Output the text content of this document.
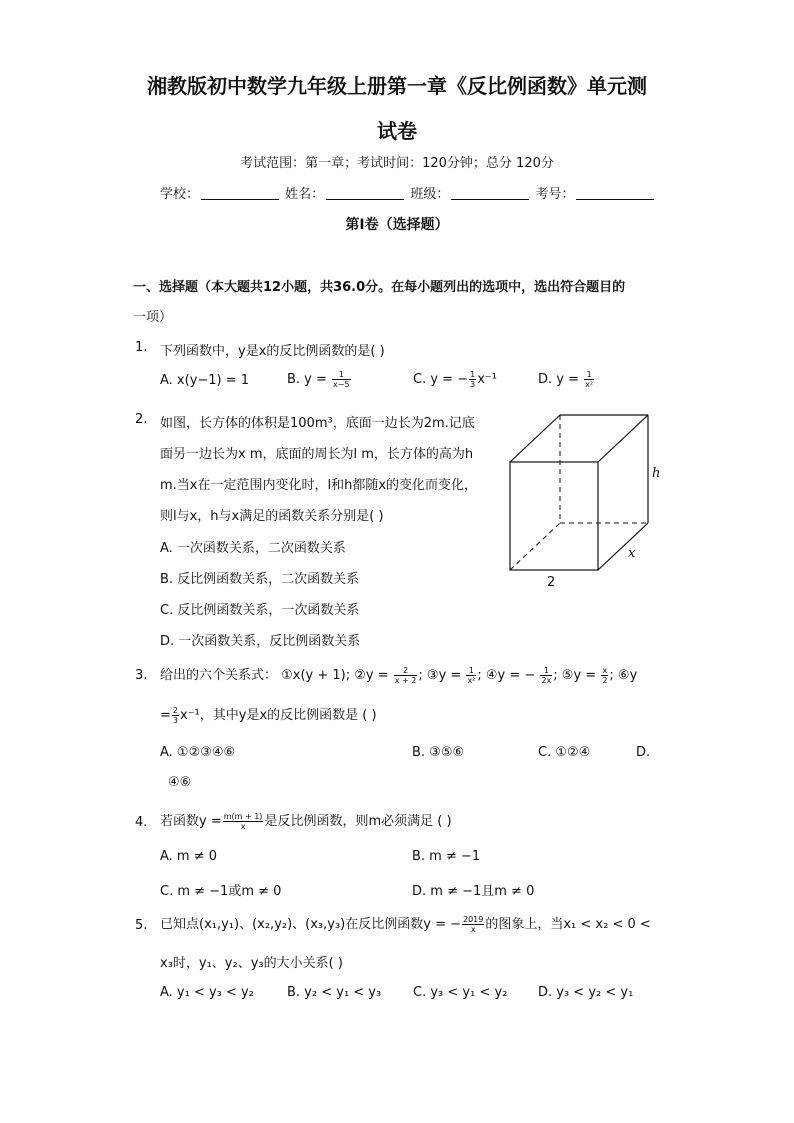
湘教版初中数学九年级上册第一章《反比例函数》单元测
试卷
考试范围：第一章；考试时间：120分钟；总分 120分
学校：	姓名：	班级：	考号：
第Ⅰ卷（选择题）
一、选择题（本大题共12小题，共36.0分。在每小题列出的选项中，选出符合题目的
一项）
1. 下列函数中，y是x的反比例函数的是( )
A. x(y−1) = 1	B. $y = \frac{1}{x-5}$	C. y = − $\frac{1}{3} x^{-1}$	D. $y = \frac{1}{\text{x²}}$
2. 如图，长方体的体积是100m³，底面一边长为2m.记底
面另一边长为x m，底面的周长为l m，长方体的高为h
m.当x在一定范围内变化时，l和h都随x的变化而变化，
则l与x，h与x满足的函数关系分别是( )
A. 一次函数关系，二次函数关系
B. 反比例函数关系，二次函数关系
C. 反比例函数关系，一次函数关系
D. 一次函数关系，反比例函数关系
h
x
2
3. 给出的六个关系式： ①x(y + 1); ②y = $\frac{2}{x + 2}$ ; ③y = $\frac{1}{\text{x²}}$ ; ④y = − $\frac{1}{2x}$ ; ⑤y = $\frac{x}{2}$ ; ⑥y
= $\frac{2}{3} x^{-1}$，其中y是x的反比例函数是 ( )
A. ①②③④⑥	B. ③⑤⑥	C. ①②④	D.
④⑥
4. 若函数$y = \frac{m(m + 1)}{x}$ 是反比例函数，则m必须满足 ( )
A. m ≠ 0	B. m ≠ −1
C. m ≠ −1或m ≠ 0	D. m ≠ −1且m ≠ 0
5. 已知点(x₁,y₁)、(x₂,y₂)、(x₃,y₃)在反比例函数y = − $\frac{2019}{x}$ 的图象上，当x₁ < x₂ < 0 <
x₃时，y₁、y₂、y₃的大小关系( )
A. y₁ < y₃ < y₂	B. y₂ < y₁ < y₃ C. y₃ < y₁ < y₂ D. y₃ < y₂ < y₁
